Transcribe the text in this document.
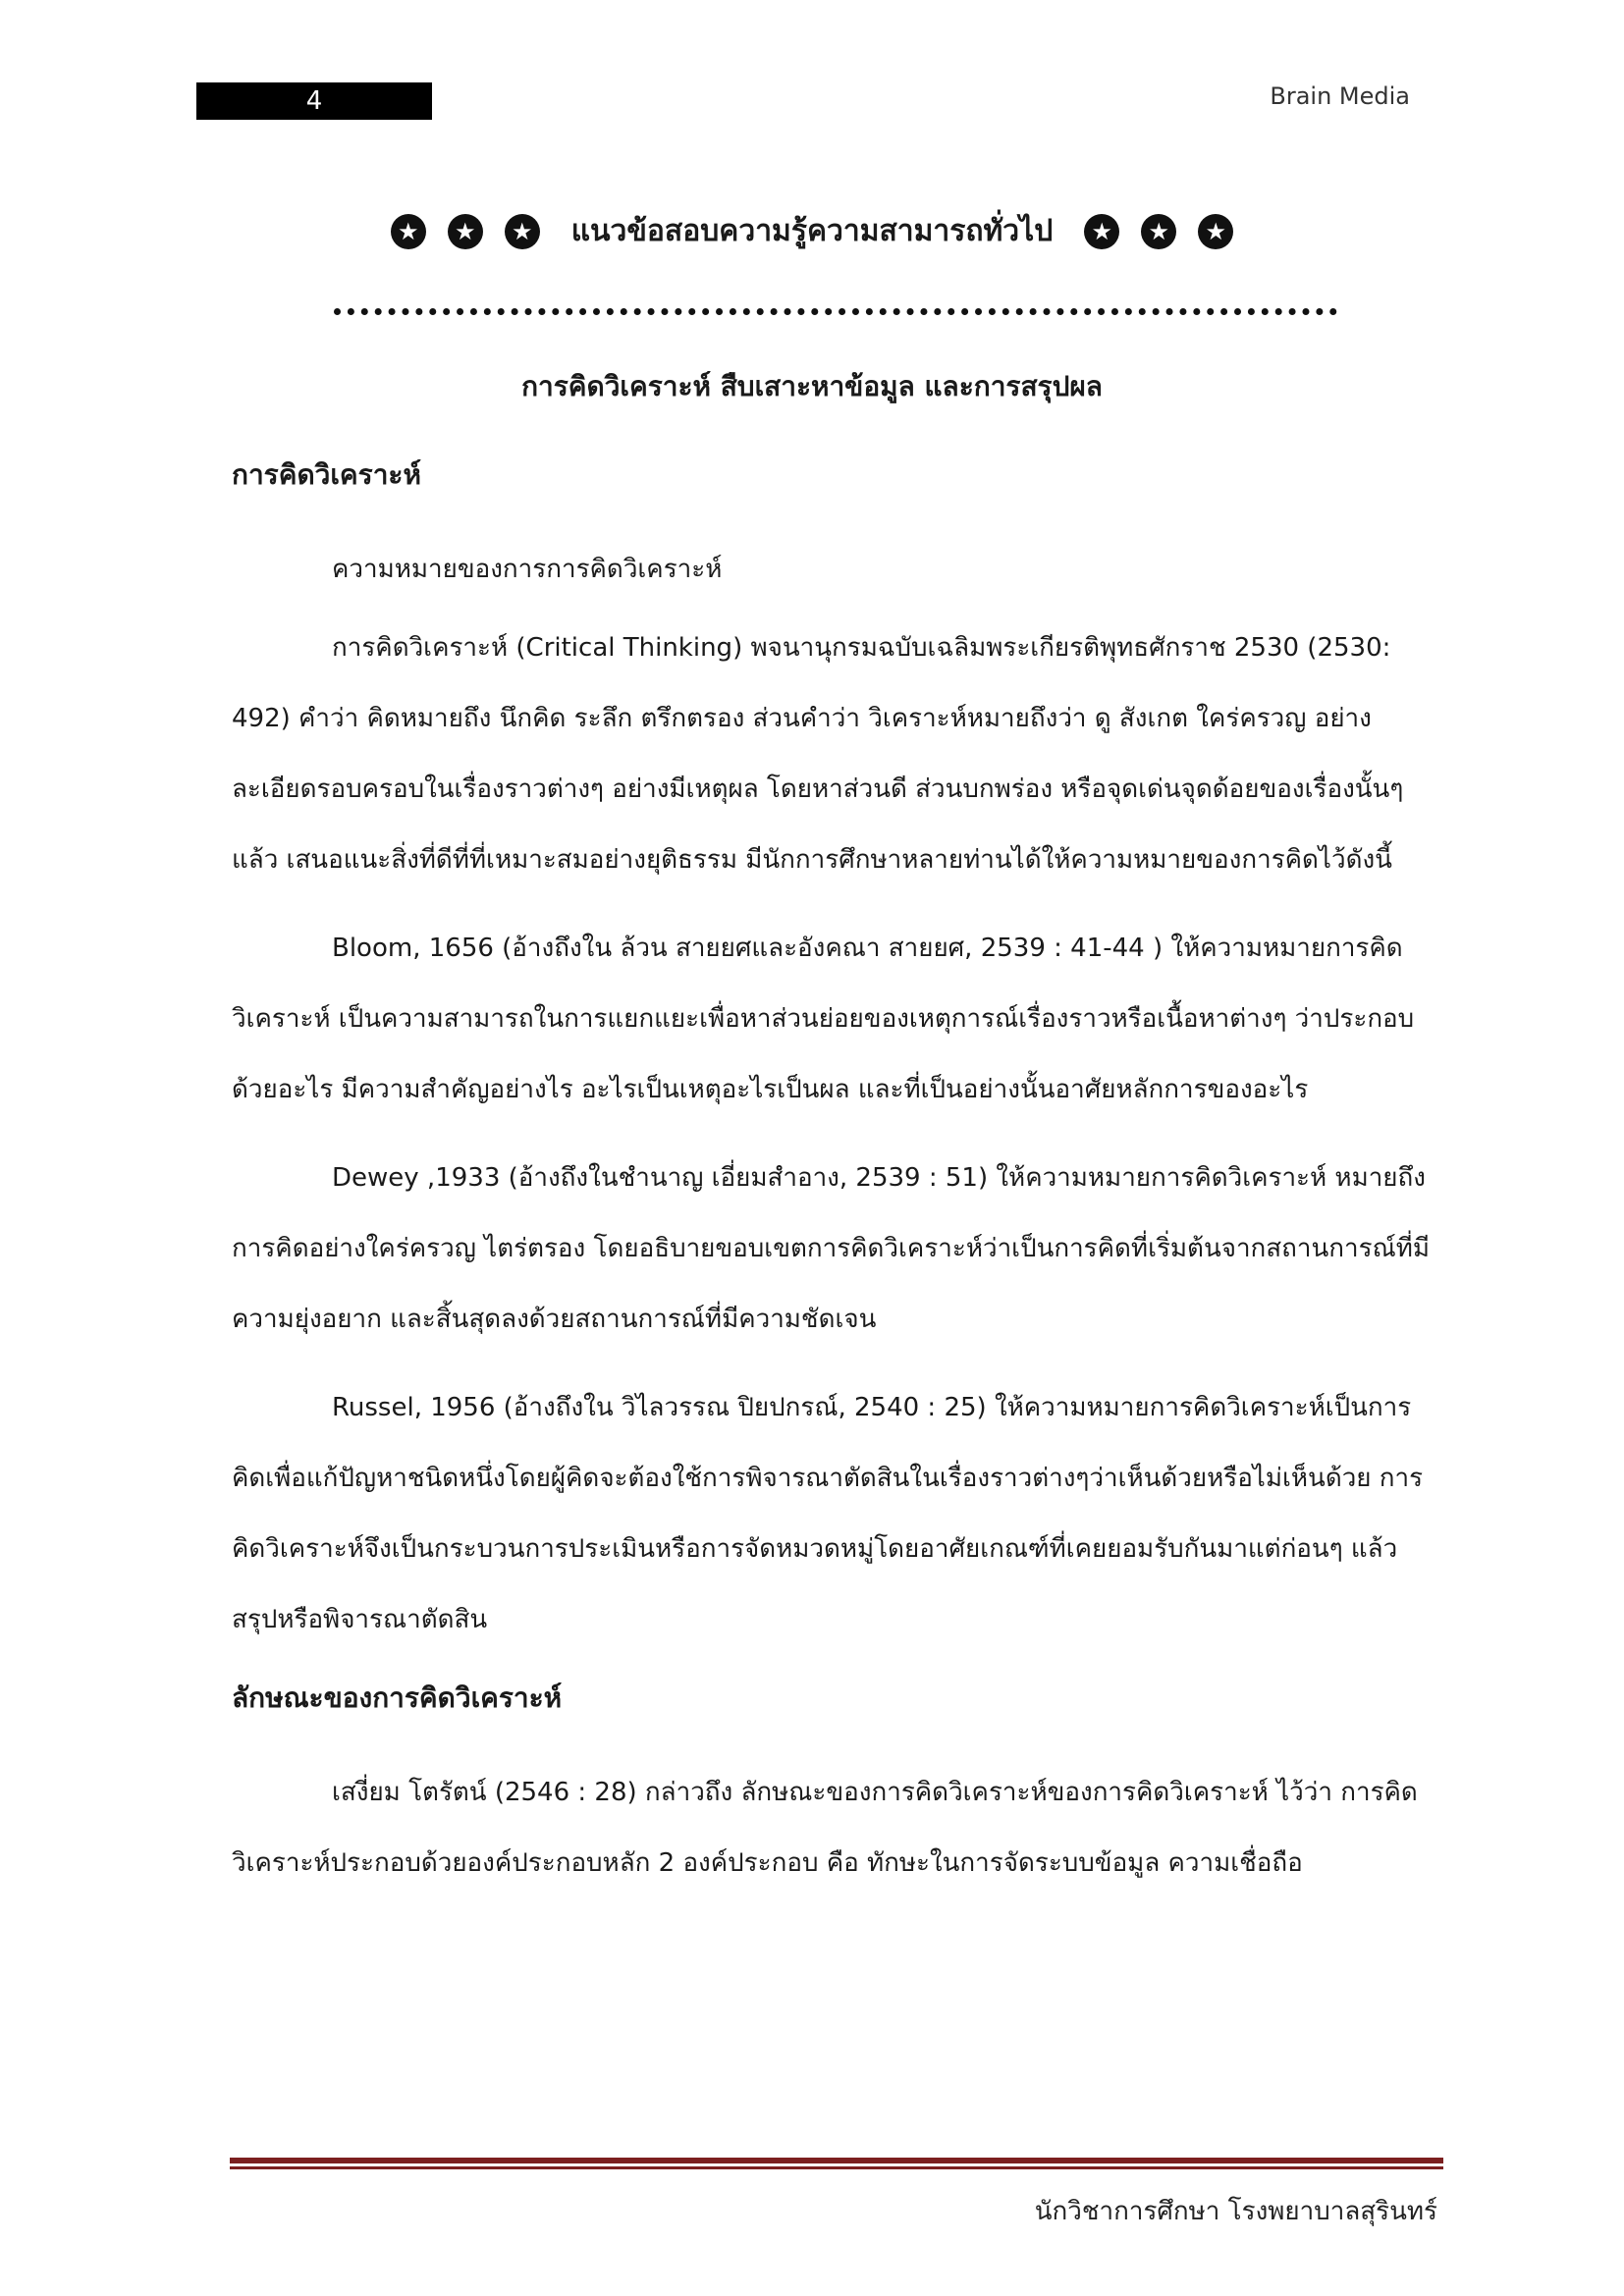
4	Brain Media
★	★	★ แนวข้อสอบความรู้ความสามารถทั่วไป	★	★	★
การคิดวิเคราะห์ สืบเสาะหาข้อมูล และการสรุปผล
การคิดวิเคราะห์

ความหมายของการการคิดวิเคราะห์

การคิดวิเคราะห์ (Critical Thinking) พจนานุกรมฉบับเฉลิมพระเกียรติพุทธศักราช 2530 (2530: 492) คำว่า คิดหมายถึง นึกคิด ระลึก ตรึกตรอง ส่วนคำว่า วิเคราะห์หมายถึงว่า ดู สังเกต ใคร่ครวญ อย่างละเอียดรอบครอบในเรื่องราวต่างๆ อย่างมีเหตุผล โดยหาส่วนดี ส่วนบกพร่อง หรือจุดเด่นจุดด้อยของเรื่องนั้นๆ แล้ว เสนอแนะสิ่งที่ดีที่ที่เหมาะสมอย่างยุติธรรม มีนักการศึกษาหลายท่านได้ให้ความหมายของการคิดไว้ดังนี้

Bloom, 1656 (อ้างถึงใน ล้วน สายยศและอังคณา สายยศ, 2539 : 41-44 ) ให้ความหมายการคิดวิเคราะห์ เป็นความสามารถในการแยกแยะเพื่อหาส่วนย่อยของเหตุการณ์เรื่องราวหรือเนื้อหาต่างๆ ว่าประกอบด้วยอะไร มีความสำคัญอย่างไร อะไรเป็นเหตุอะไรเป็นผล และที่เป็นอย่างนั้นอาศัยหลักการของอะไร

Dewey ,1933 (อ้างถึงในชำนาญ เอี่ยมสำอาง, 2539 : 51) ให้ความหมายการคิดวิเคราะห์ หมายถึง การคิดอย่างใคร่ครวญ ไตร่ตรอง โดยอธิบายขอบเขตการคิดวิเคราะห์ว่าเป็นการคิดที่เริ่มต้นจากสถานการณ์ที่มีความยุ่งอยาก และสิ้นสุดลงด้วยสถานการณ์ที่มีความชัดเจน

Russel, 1956 (อ้างถึงใน วิไลวรรณ ปิยปกรณ์, 2540 : 25) ให้ความหมายการคิดวิเคราะห์เป็นการคิดเพื่อแก้ปัญหาชนิดหนึ่งโดยผู้คิดจะต้องใช้การพิจารณาตัดสินในเรื่องราวต่างๆว่าเห็นด้วยหรือไม่เห็นด้วย การคิดวิเคราะห์จึงเป็นกระบวนการประเมินหรือการจัดหมวดหมู่โดยอาศัยเกณฑ์ที่เคยยอมรับกันมาแต่ก่อนๆ แล้วสรุปหรือพิจารณาตัดสิน

ลักษณะของการคิดวิเคราะห์

เสงี่ยม โตรัตน์ (2546 : 28) กล่าวถึง ลักษณะของการคิดวิเคราะห์ของการคิดวิเคราะห์ ไว้ว่า การคิดวิเคราะห์ประกอบด้วยองค์ประกอบหลัก 2 องค์ประกอบ คือ ทักษะในการจัดระบบข้อมูล ความเชื่อถือ

นักวิชาการศึกษา โรงพยาบาลสุรินทร์
